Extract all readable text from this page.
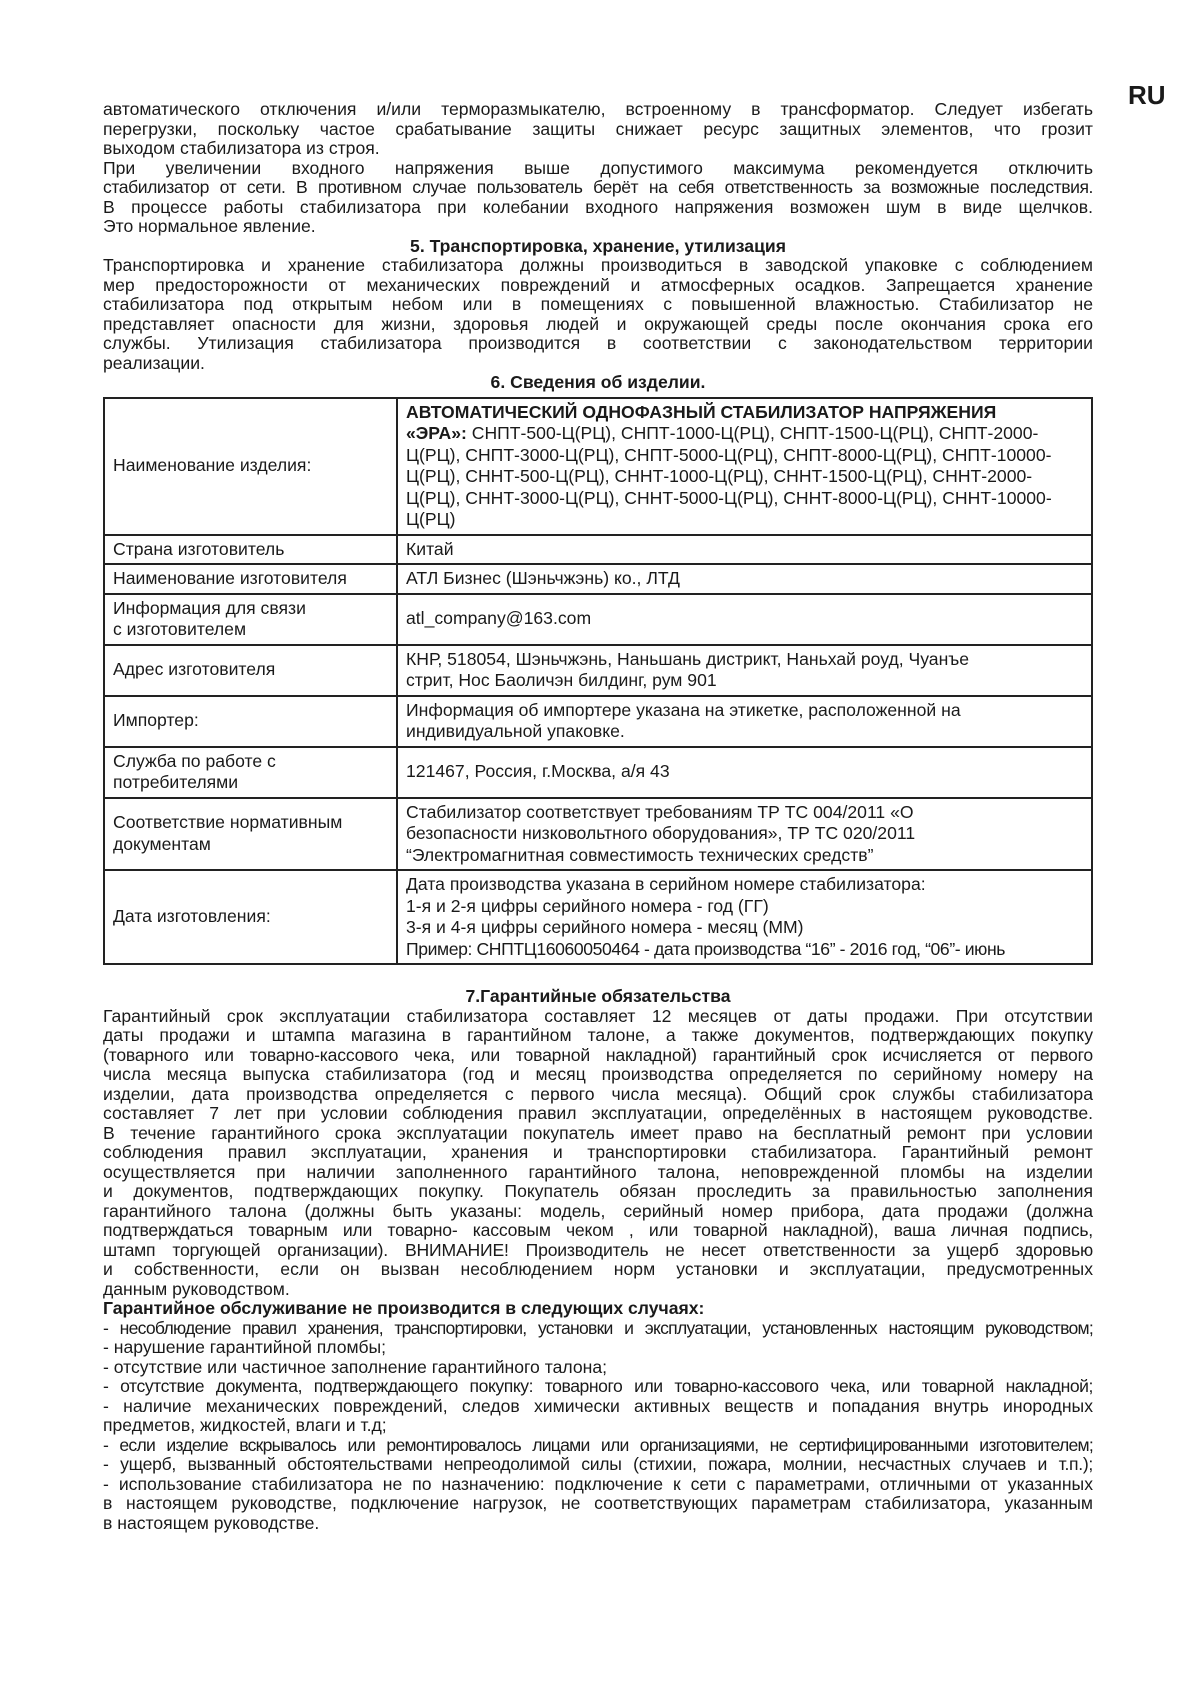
RU

автоматического отключения и/или терморазмыкателю, встроенному в трансформатор. Следует избегать

перегрузки, поскольку частое срабатывание защиты снижает ресурс защитных элементов, что грозит

выходом стабилизатора из строя.

При увеличении входного напряжения выше допустимого максимума рекомендуется отключить

стабилизатор от сети. В противном случае пользователь берёт на себя ответственность за возможные последствия.

В процессе работы стабилизатора при колебании входного напряжения возможен шум в виде щелчков.

Это нормальное явление.

5. Транспортировка, хранение, утилизация

Транспортировка и хранение стабилизатора должны производиться в заводской упаковке с соблюдением

мер предосторожности от механических повреждений и атмосферных осадков. Запрещается хранение

стабилизатора под открытым небом или в помещениях с повышенной влажностью. Стабилизатор не

представляет опасности для жизни, здоровья людей и окружающей среды после окончания срока его

службы. Утилизация стабилизатора производится в соответствии с законодательством территории

реализации.

6. Сведения об изделии.

Наименование изделия:	АВТОМАТИЧЕСКИЙ ОДНОФАЗНЫЙ СТАБИЛИЗАТОР НАПРЯЖЕНИЯ
«ЭРА»: СНПТ-500-Ц(РЦ), СНПТ-1000-Ц(РЦ), СНПТ-1500-Ц(РЦ), СНПТ-2000-Ц(РЦ), СНПТ-3000-Ц(РЦ), СНПТ-5000-Ц(РЦ), СНПТ-8000-Ц(РЦ), СНПТ-10000-Ц(РЦ), СННТ-500-Ц(РЦ), СННТ-1000-Ц(РЦ), СННТ-1500-Ц(РЦ), СННТ-2000-Ц(РЦ), СННТ-3000-Ц(РЦ), СННТ-5000-Ц(РЦ), СННТ-8000-Ц(РЦ), СННТ-10000-Ц(РЦ)
Страна изготовитель	Китай
Наименование изготовителя	АТЛ Бизнес (Шэньчжэнь) ко., ЛТД
Информация для связи
с изготовителем	atl_company@163.com
Адрес изготовителя	КНР, 518054, Шэньчжэнь, Наньшань дистрикт, Наньхай роуд, Чуанъе
стрит, Нос Баоличэн билдинг, рум 901
Импортер:	Информация об импортере указана на этикетке, расположенной на
индивидуальной упаковке.
Служба по работе с
потребителями	121467, Россия, г.Москва, а/я 43
Соответствие нормативным
документам	Стабилизатор соответствует требованиям ТР ТС 004/2011 «О
безопасности низковольтного оборудования», ТР ТС 020/2011
“Электромагнитная совместимость технических средств”
Дата изготовления:	Дата производства указана в серийном номере стабилизатора:
1-я и 2-я цифры серийного номера - год (ГГ)
3-я и 4-я цифры серийного номера - месяц (ММ)
Пример: СНПТЦ16060050464 - дата производства “16” - 2016 год, “06”- июнь

7.Гарантийные обязательства

Гарантийный срок эксплуатации стабилизатора составляет 12 месяцев от даты продажи. При отсутствии

даты продажи и штампа магазина в гарантийном талоне, а также документов, подтверждающих покупку

(товарного или товарно-кассового чека, или товарной накладной) гарантийный срок исчисляется от первого

числа месяца выпуска стабилизатора (год и месяц производства определяется по серийному номеру на

изделии, дата производства определяется с первого числа месяца). Общий срок службы стабилизатора

составляет 7 лет при условии соблюдения правил эксплуатации, определённых в настоящем руководстве.

В течение гарантийного срока эксплуатации покупатель имеет право на бесплатный ремонт при условии

соблюдения правил эксплуатации, хранения и транспортировки стабилизатора. Гарантийный ремонт

осуществляется при наличии заполненного гарантийного талона, неповрежденной пломбы на изделии

и документов, подтверждающих покупку. Покупатель обязан проследить за правильностью заполнения

гарантийного талона (должны быть указаны: модель, серийный номер прибора, дата продажи (должна

подтверждаться товарным или товарно- кассовым чеком , или товарной накладной), ваша личная подпись,

штамп торгующей организации). ВНИМАНИЕ! Производитель не несет ответственности за ущерб здоровью

и собственности, если он вызван несоблюдением норм установки и эксплуатации, предусмотренных

данным руководством.

Гарантийное обслуживание не производится в следующих случаях:

- несоблюдение правил хранения, транспортировки, установки и эксплуатации, установленных настоящим руководством;

- нарушение гарантийной пломбы;

- отсутствие или частичное заполнение гарантийного талона;

- отсутствие документа, подтверждающего покупку: товарного или товарно-кассового чека, или товарной накладной;

- наличие механических повреждений, следов химически активных веществ и попадания внутрь инородных

предметов, жидкостей, влаги и т.д;

- если изделие вскрывалось или ремонтировалось лицами или организациями, не сертифицированными изготовителем;

- ущерб, вызванный обстоятельствами непреодолимой силы (стихии, пожара, молнии, несчастных случаев и т.п.);

- использование стабилизатора не по назначению: подключение к сети с параметрами, отличными от указанных

в настоящем руководстве, подключение нагрузок, не соответствующих параметрам стабилизатора, указанным

в настоящем руководстве.
